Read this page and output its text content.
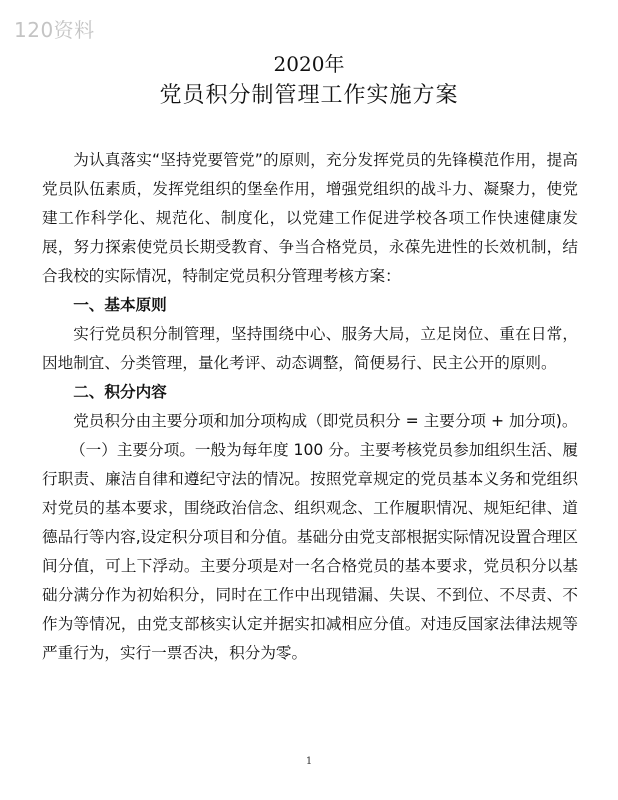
120资料
2020年
党员积分制管理工作实施方案

为认真落实“坚持党要管党”的原则，充分发挥党员的先锋模范作用，提高党员队伍素质，发挥党组织的堡垒作用，增强党组织的战斗力、凝聚力，使党建工作科学化、规范化、制度化，以党建工作促进学校各项工作快速健康发展，努力探索使党员长期受教育、争当合格党员，永葆先进性的长效机制，结合我校的实际情况，特制定党员积分管理考核方案：

一、基本原则

实行党员积分制管理，坚持围绕中心、服务大局，立足岗位、重在日常，因地制宜、分类管理，量化考评、动态调整，简便易行、民主公开的原则。

二、积分内容

党员积分由主要分项和加分项构成（即党员积分 = 主要分项 + 加分项)。

（一）主要分项。一般为每年度 100 分。主要考核党员参加组织生活、履行职责、廉洁自律和遵纪守法的情况。按照党章规定的党员基本义务和党组织对党员的基本要求，围绕政治信念、组织观念、工作履职情况、规矩纪律、道德品行等内容,设定积分项目和分值。基础分由党支部根据实际情况设置合理区间分值，可上下浮动。主要分项是对一名合格党员的基本要求，党员积分以基础分满分作为初始积分，同时在工作中出现错漏、失误、不到位、不尽责、不作为等情况，由党支部核实认定并据实扣减相应分值。对违反国家法律法规等严重行为，实行一票否决，积分为零。

1
